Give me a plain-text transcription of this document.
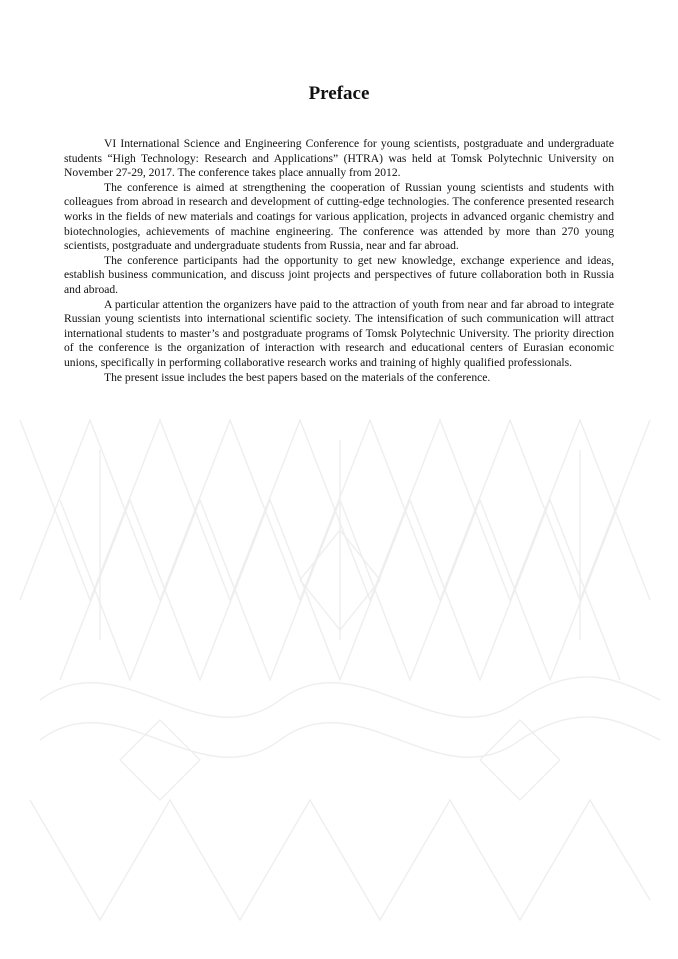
Preface

VI International Science and Engineering Conference for young scientists, postgraduate and undergraduate students “High Technology: Research and Applications” (HTRA) was held at Tomsk Polytechnic University on November 27-29, 2017. The conference takes place annually from 2012.

The conference is aimed at strengthening the cooperation of Russian young scientists and students with colleagues from abroad in research and development of cutting-edge technologies. The conference presented research works in the fields of new materials and coatings for various application, projects in advanced organic chemistry and biotechnologies, achievements of machine engineering. The conference was attended by more than 270 young scientists, postgraduate and undergraduate students from Russia, near and far abroad.

The conference participants had the opportunity to get new knowledge, exchange experience and ideas, establish business communication, and discuss joint projects and perspectives of future collaboration both in Russia and abroad.

A particular attention the organizers have paid to the attraction of youth from near and far abroad to integrate Russian young scientists into international scientific society. The intensification of such communication will attract international students to master’s and postgraduate programs of Tomsk Polytechnic University. The priority direction of the conference is the organization of interaction with research and educational centers of Eurasian economic unions, specifically in performing collaborative research works and training of highly qualified professionals.

The present issue includes the best papers based on the materials of the conference.
